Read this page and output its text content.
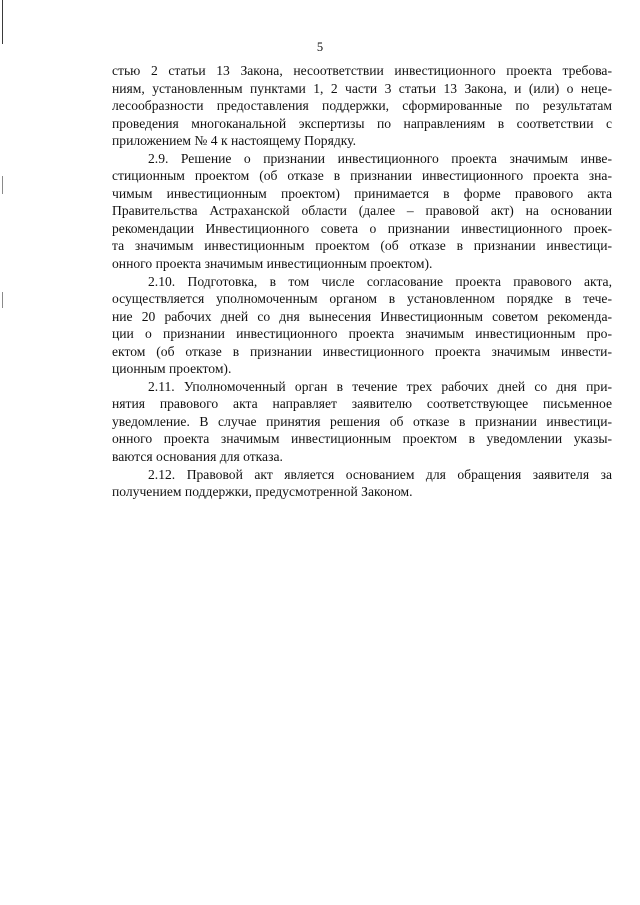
5

стью 2 статьи 13 Закона, несоответствии инвестиционного проекта требова-
ниям, установленным пунктами 1, 2 части 3 статьи 13 Закона, и (или) о неце-
лесообразности предоставления поддержки, сформированные по результатам
проведения многоканальной экспертизы по направлениям в соответствии с
приложением № 4 к настоящему Порядку.

2.9. Решение о признании инвестиционного проекта значимым инве-
стиционным проектом (об отказе в признании инвестиционного проекта зна-
чимым инвестиционным проектом) принимается в форме правового акта
Правительства Астраханской области (далее – правовой акт) на основании
рекомендации Инвестиционного совета о признании инвестиционного проек-
та значимым инвестиционным проектом (об отказе в признании инвестици-
онного проекта значимым инвестиционным проектом).

2.10. Подготовка, в том числе согласование проекта правового акта,
осуществляется уполномоченным органом в установленном порядке в тече-
ние 20 рабочих дней со дня вынесения Инвестиционным советом рекоменда-
ции о признании инвестиционного проекта значимым инвестиционным про-
ектом (об отказе в признании инвестиционного проекта значимым инвести-
ционным проектом).

2.11. Уполномоченный орган в течение трех рабочих дней со дня при-
нятия правового акта направляет заявителю соответствующее письменное
уведомление. В случае принятия решения об отказе в признании инвестици-
онного проекта значимым инвестиционным проектом в уведомлении указы-
ваются основания для отказа.

2.12. Правовой акт является основанием для обращения заявителя за
получением поддержки, предусмотренной Законом.
